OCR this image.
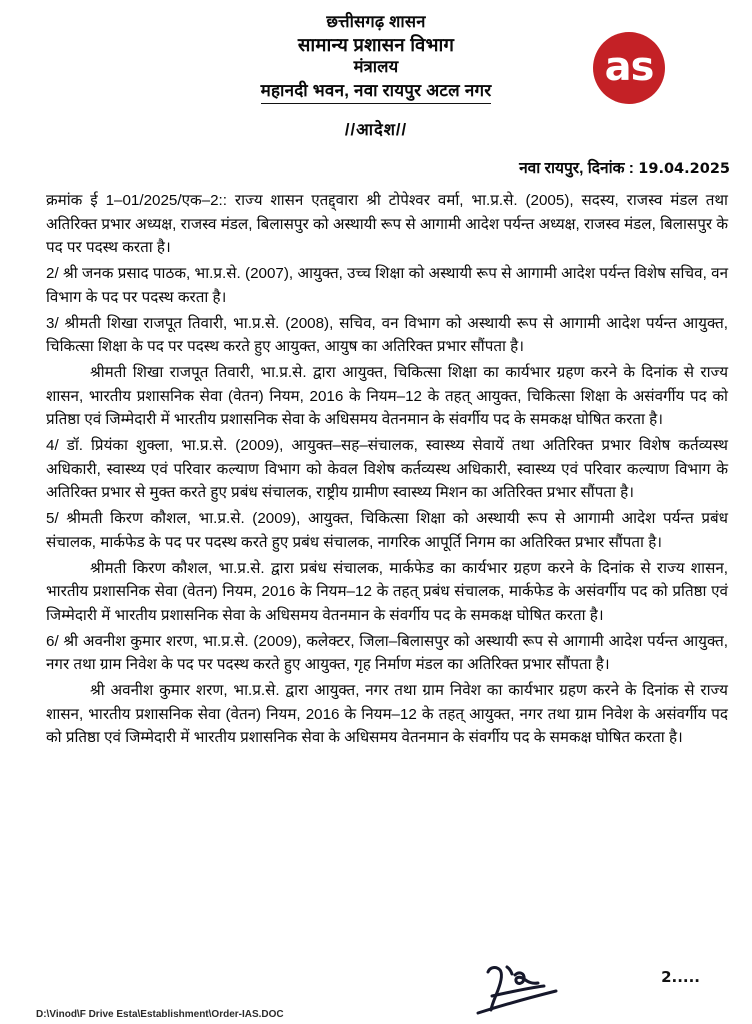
as
छत्तीसगढ़ शासन
सामान्य प्रशासन विभाग
मंत्रालय
महानदी भवन, नवा रायपुर अटल नगर
//आदेश//
नवा रायपुर, दिनांक : 19.04.2025

क्रमांक ई 1–01/2025/एक–2:: राज्य शासन एतद्द्वारा श्री टोपेश्वर वर्मा, भा.प्र.से. (2005), सदस्य, राजस्व मंडल तथा अतिरिक्त प्रभार अध्यक्ष, राजस्व मंडल, बिलासपुर को अस्थायी रूप से आगामी आदेश पर्यन्त अध्यक्ष, राजस्व मंडल, बिलासपुर के पद पर पदस्थ करता है।

2/ श्री जनक प्रसाद पाठक, भा.प्र.से. (2007), आयुक्त, उच्च शिक्षा को अस्थायी रूप से आगामी आदेश पर्यन्त विशेष सचिव, वन विभाग के पद पर पदस्थ करता है।

3/ श्रीमती शिखा राजपूत तिवारी, भा.प्र.से. (2008), सचिव, वन विभाग को अस्थायी रूप से आगामी आदेश पर्यन्त आयुक्त, चिकित्सा शिक्षा के पद पर पदस्थ करते हुए आयुक्त, आयुष का अतिरिक्त प्रभार सौंपता है।

श्रीमती शिखा राजपूत तिवारी, भा.प्र.से. द्वारा आयुक्त, चिकित्सा शिक्षा का कार्यभार ग्रहण करने के दिनांक से राज्य शासन, भारतीय प्रशासनिक सेवा (वेतन) नियम, 2016 के नियम–12 के तहत् आयुक्त, चिकित्सा शिक्षा के असंवर्गीय पद को प्रतिष्ठा एवं जिम्मेदारी में भारतीय प्रशासनिक सेवा के अधिसमय वेतनमान के संवर्गीय पद के समकक्ष घोषित करता है।

4/ डॉ. प्रियंका शुक्ला, भा.प्र.से. (2009), आयुक्त–सह–संचालक, स्वास्थ्य सेवायें तथा अतिरिक्त प्रभार विशेष कर्तव्यस्थ अधिकारी, स्वास्थ्य एवं परिवार कल्याण विभाग को केवल विशेष कर्तव्यस्थ अधिकारी, स्वास्थ्य एवं परिवार कल्याण विभाग के अतिरिक्त प्रभार से मुक्त करते हुए प्रबंध संचालक, राष्ट्रीय ग्रामीण स्वास्थ्य मिशन का अतिरिक्त प्रभार सौंपता है।

5/ श्रीमती किरण कौशल, भा.प्र.से. (2009), आयुक्त, चिकित्सा शिक्षा को अस्थायी रूप से आगामी आदेश पर्यन्त प्रबंध संचालक, मार्कफेड के पद पर पदस्थ करते हुए प्रबंध संचालक, नागरिक आपूर्ति निगम का अतिरिक्त प्रभार सौंपता है।

श्रीमती किरण कौशल, भा.प्र.से. द्वारा प्रबंध संचालक, मार्कफेड का कार्यभार ग्रहण करने के दिनांक से राज्य शासन, भारतीय प्रशासनिक सेवा (वेतन) नियम, 2016 के नियम–12 के तहत् प्रबंध संचालक, मार्कफेड के असंवर्गीय पद को प्रतिष्ठा एवं जिम्मेदारी में भारतीय प्रशासनिक सेवा के अधिसमय वेतनमान के संवर्गीय पद के समकक्ष घोषित करता है।

6/ श्री अवनीश कुमार शरण, भा.प्र.से. (2009), कलेक्टर, जिला–बिलासपुर को अस्थायी रूप से आगामी आदेश पर्यन्त आयुक्त, नगर तथा ग्राम निवेश के पद पर पदस्थ करते हुए आयुक्त, गृह निर्माण मंडल का अतिरिक्त प्रभार सौंपता है।

श्री अवनीश कुमार शरण, भा.प्र.से. द्वारा आयुक्त, नगर तथा ग्राम निवेश का कार्यभार ग्रहण करने के दिनांक से राज्य शासन, भारतीय प्रशासनिक सेवा (वेतन) नियम, 2016 के नियम–12 के तहत् आयुक्त, नगर तथा ग्राम निवेश के असंवर्गीय पद को प्रतिष्ठा एवं जिम्मेदारी में भारतीय प्रशासनिक सेवा के अधिसमय वेतनमान के संवर्गीय पद के समकक्ष घोषित करता है।

2.....
D:\Vinod\F Drive Esta\Establishment\Order-IAS.DOC
